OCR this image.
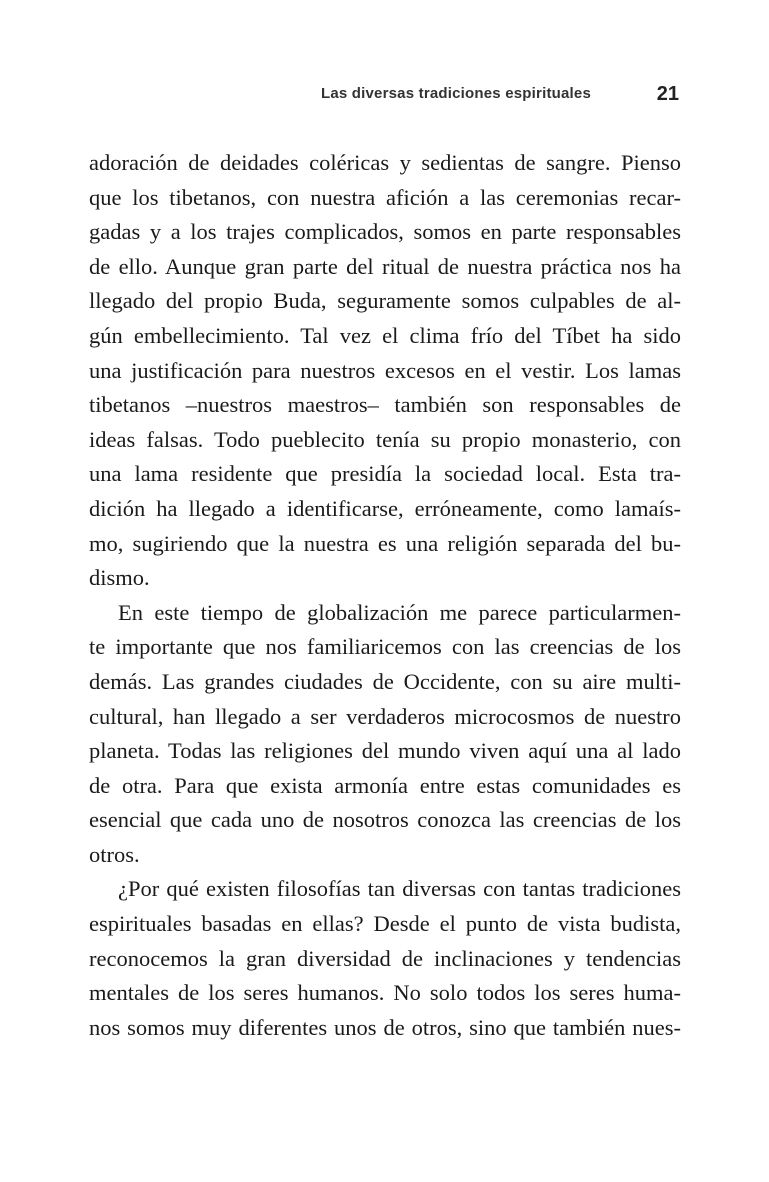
Las diversas tradiciones espirituales	21
adoración de deidades coléricas y sedientas de sangre. Pienso
que los tibetanos, con nuestra afición a las ceremonias recar-
gadas y a los trajes complicados, somos en parte responsables
de ello. Aunque gran parte del ritual de nuestra práctica nos ha
llegado del propio Buda, seguramente somos culpables de al-
gún embellecimiento. Tal vez el clima frío del Tíbet ha sido
una justificación para nuestros excesos en el vestir. Los lamas
tibetanos –nuestros maestros– también son responsables de
ideas falsas. Todo pueblecito tenía su propio monasterio, con
una lama residente que presidía la sociedad local. Esta tra-
dición ha llegado a identificarse, erróneamente, como lamaís-
mo, sugiriendo que la nuestra es una religión separada del bu-
dismo.
En este tiempo de globalización me parece particularmen-
te importante que nos familiaricemos con las creencias de los
demás. Las grandes ciudades de Occidente, con su aire multi-
cultural, han llegado a ser verdaderos microcosmos de nuestro
planeta. Todas las religiones del mundo viven aquí una al lado
de otra. Para que exista armonía entre estas comunidades es
esencial que cada uno de nosotros conozca las creencias de los
otros.
¿Por qué existen filosofías tan diversas con tantas tradiciones
espirituales basadas en ellas? Desde el punto de vista budista,
reconocemos la gran diversidad de inclinaciones y tendencias
mentales de los seres humanos. No solo todos los seres huma-
nos somos muy diferentes unos de otros, sino que también nues-
